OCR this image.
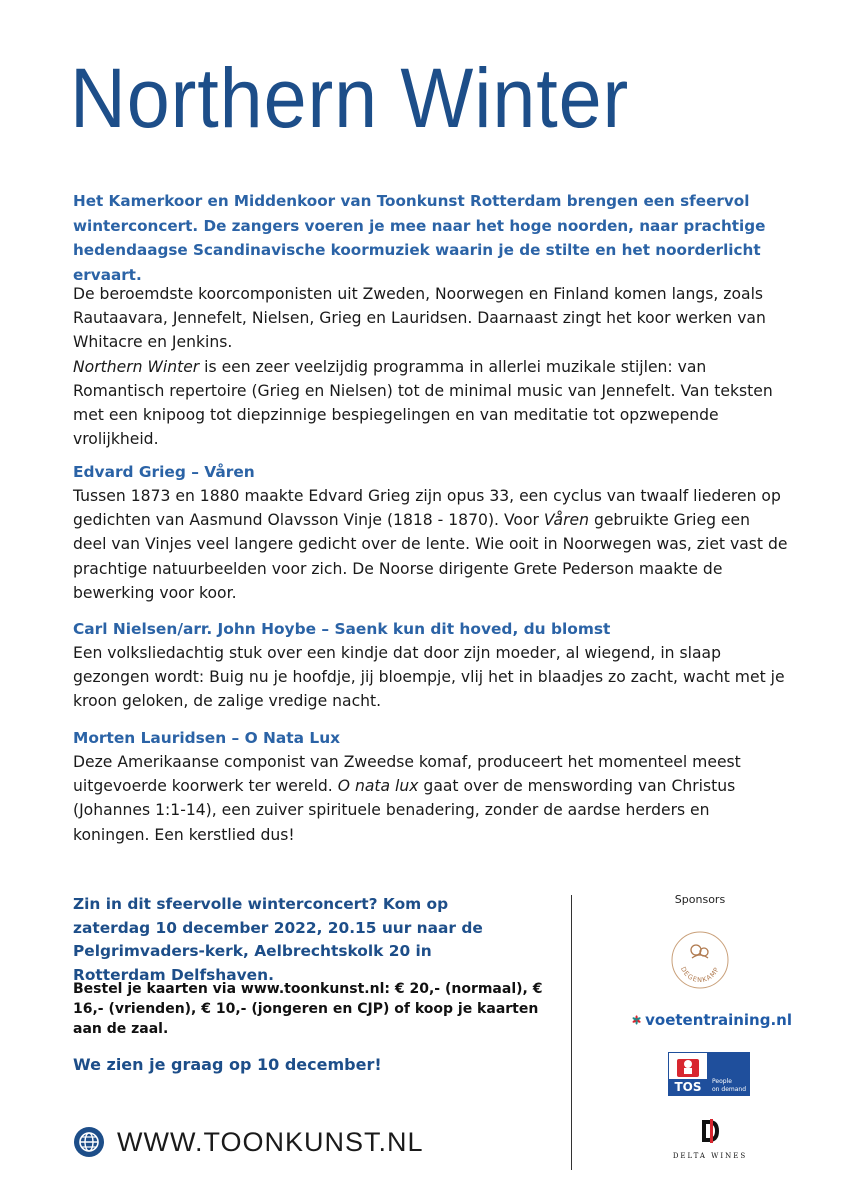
Northern Winter

Het Kamerkoor en Middenkoor van Toonkunst Rotterdam brengen een sfeervol winterconcert. De zangers voeren je mee naar het hoge noorden, naar prachtige hedendaagse Scandinavische koormuziek waarin je de stilte en het noorderlicht ervaart.

De beroemdste koorcomponisten uit Zweden, Noorwegen en Finland komen langs, zoals Rautaavara, Jennefelt, Nielsen, Grieg en Lauridsen. Daarnaast zingt het koor werken van Whitacre en Jenkins.

Northern Winter is een zeer veelzijdig programma in allerlei muzikale stijlen: van Romantisch repertoire (Grieg en Nielsen) tot de minimal music van Jennefelt. Van teksten met een knipoog tot diepzinnige bespiegelingen en van meditatie tot opzwepende vrolijkheid.

Edvard Grieg – Våren

Tussen 1873 en 1880 maakte Edvard Grieg zijn opus 33, een cyclus van twaalf liederen op gedichten van Aasmund Olavsson Vinje (1818 - 1870). Voor Våren gebruikte Grieg een deel van Vinjes veel langere gedicht over de lente. Wie ooit in Noorwegen was, ziet vast de prachtige natuurbeelden voor zich. De Noorse dirigente Grete Pederson maakte de bewerking voor koor.

Carl Nielsen/arr. John Hoybe – Saenk kun dit hoved, du blomst

Een volksliedachtig stuk over een kindje dat door zijn moeder, al wiegend, in slaap gezongen wordt: Buig nu je hoofdje, jij bloempje, vlij het in blaadjes zo zacht, wacht met je kroon geloken, de zalige vredige nacht.

Morten Lauridsen – O Nata Lux

Deze Amerikaanse componist van Zweedse komaf, produceert het momenteel meest uitgevoerde koorwerk ter wereld. O nata lux gaat over de menswording van Christus (Johannes 1:1-14), een zuiver spirituele benadering, zonder de aardse herders en koningen. Een kerstlied dus!

Zin in dit sfeervolle winterconcert? Kom op zaterdag 10 december 2022, 20.15 uur naar de Pelgrimvaders-kerk, Aelbrechtskolk 20 in Rotterdam Delfshaven.

Bestel je kaarten via www.toonkunst.nl: € 20,- (normaal), € 16,- (vrienden), € 10,- (jongeren en CJP) of koop je kaarten aan de zaal.

We zien je graag op 10 december!

WWW.TOONKUNST.NL
Sponsors
DEGENKAMP
voetentraining.nl
TOS	People
on demand
DELTA WINES
